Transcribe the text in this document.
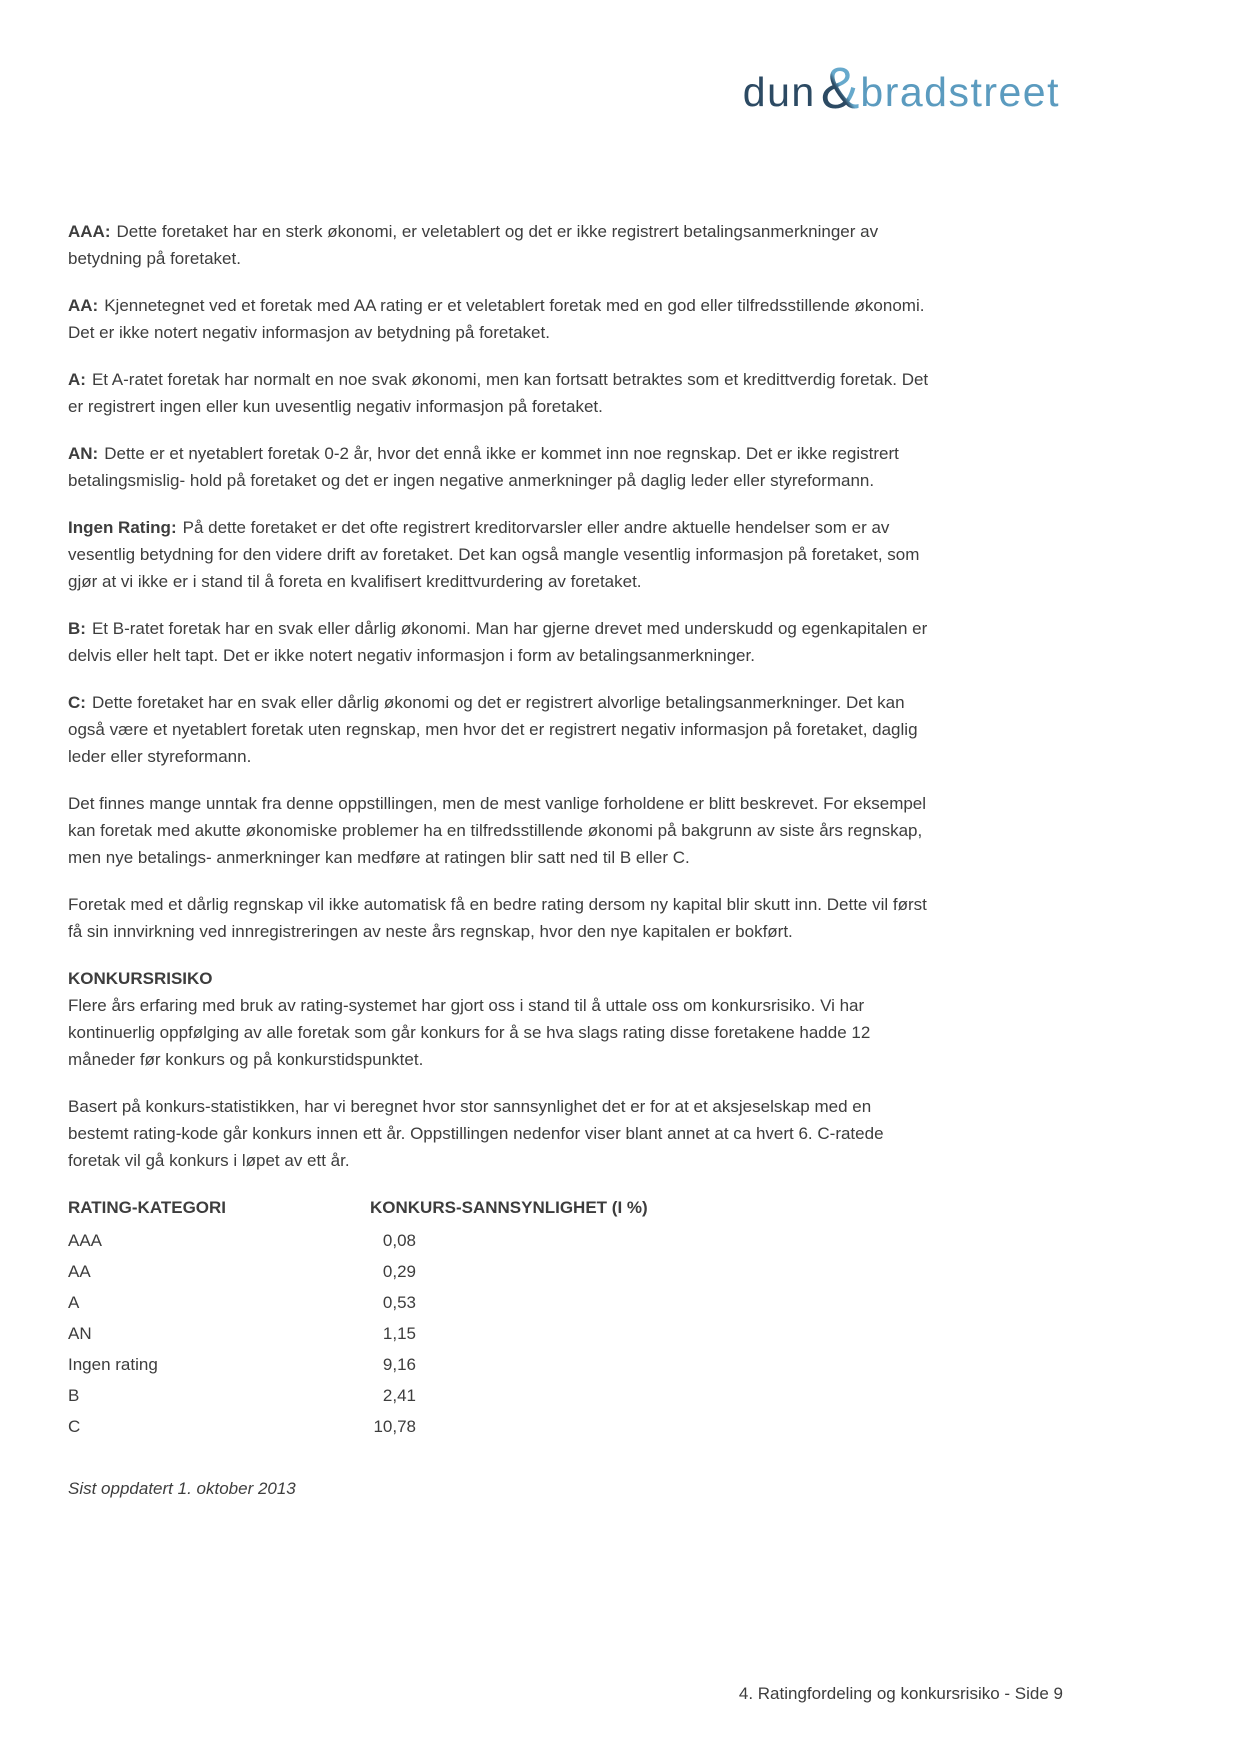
dun & bradstreet

AAA: Dette foretaket har en sterk økonomi, er veletablert og det er ikke registrert betalingsanmerkninger av betydning på foretaket.

AA: Kjennetegnet ved et foretak med AA rating er et veletablert foretak med en god eller tilfredsstillende økonomi. Det er ikke notert negativ informasjon av betydning på foretaket.

A: Et A-ratet foretak har normalt en noe svak økonomi, men kan fortsatt betraktes som et kredittverdig foretak. Det er registrert ingen eller kun uvesentlig negativ informasjon på foretaket.

AN: Dette er et nyetablert foretak 0-2 år, hvor det ennå ikke er kommet inn noe regnskap. Det er ikke registrert betalingsmislig- hold på foretaket og det er ingen negative anmerkninger på daglig leder eller styreformann.

Ingen Rating: På dette foretaket er det ofte registrert kreditorvarsler eller andre aktuelle hendelser som er av vesentlig betydning for den videre drift av foretaket. Det kan også mangle vesentlig informasjon på foretaket, som gjør at vi ikke er i stand til å foreta en kvalifisert kredittvurdering av foretaket.

B: Et B-ratet foretak har en svak eller dårlig økonomi. Man har gjerne drevet med underskudd og egenkapitalen er delvis eller helt tapt. Det er ikke notert negativ informasjon i form av betalingsanmerkninger.

C: Dette foretaket har en svak eller dårlig økonomi og det er registrert alvorlige betalingsanmerkninger. Det kan også være et nyetablert foretak uten regnskap, men hvor det er registrert negativ informasjon på foretaket, daglig leder eller styreformann.

Det finnes mange unntak fra denne oppstillingen, men de mest vanlige forholdene er blitt beskrevet. For eksempel kan foretak med akutte økonomiske problemer ha en tilfredsstillende økonomi på bakgrunn av siste års regnskap, men nye betalings- anmerkninger kan medføre at ratingen blir satt ned til B eller C.

Foretak med et dårlig regnskap vil ikke automatisk få en bedre rating dersom ny kapital blir skutt inn. Dette vil først få sin innvirkning ved innregistreringen av neste års regnskap, hvor den nye kapitalen er bokført.

KONKURSRISIKO

Flere års erfaring med bruk av rating-systemet har gjort oss i stand til å uttale oss om konkursrisiko. Vi har kontinuerlig oppfølging av alle foretak som går konkurs for å se hva slags rating disse foretakene hadde 12 måneder før konkurs og på konkurstidspunktet.

Basert på konkurs-statistikken, har vi beregnet hvor stor sannsynlighet det er for at et aksjeselskap med en bestemt rating-kode går konkurs innen ett år. Oppstillingen nedenfor viser blant annet at ca hvert 6. C-ratede foretak vil gå konkurs i løpet av ett år.

RATING-KATEGORI	KONKURS-SANNSYNLIGHET (I %)
AAA	0,08
AA	0,29
A	0,53
AN	1,15
Ingen rating	9,16
B	2,41
C	10,78
Sist oppdatert 1. oktober 2013
4. Ratingfordeling og konkursrisiko - Side 9
